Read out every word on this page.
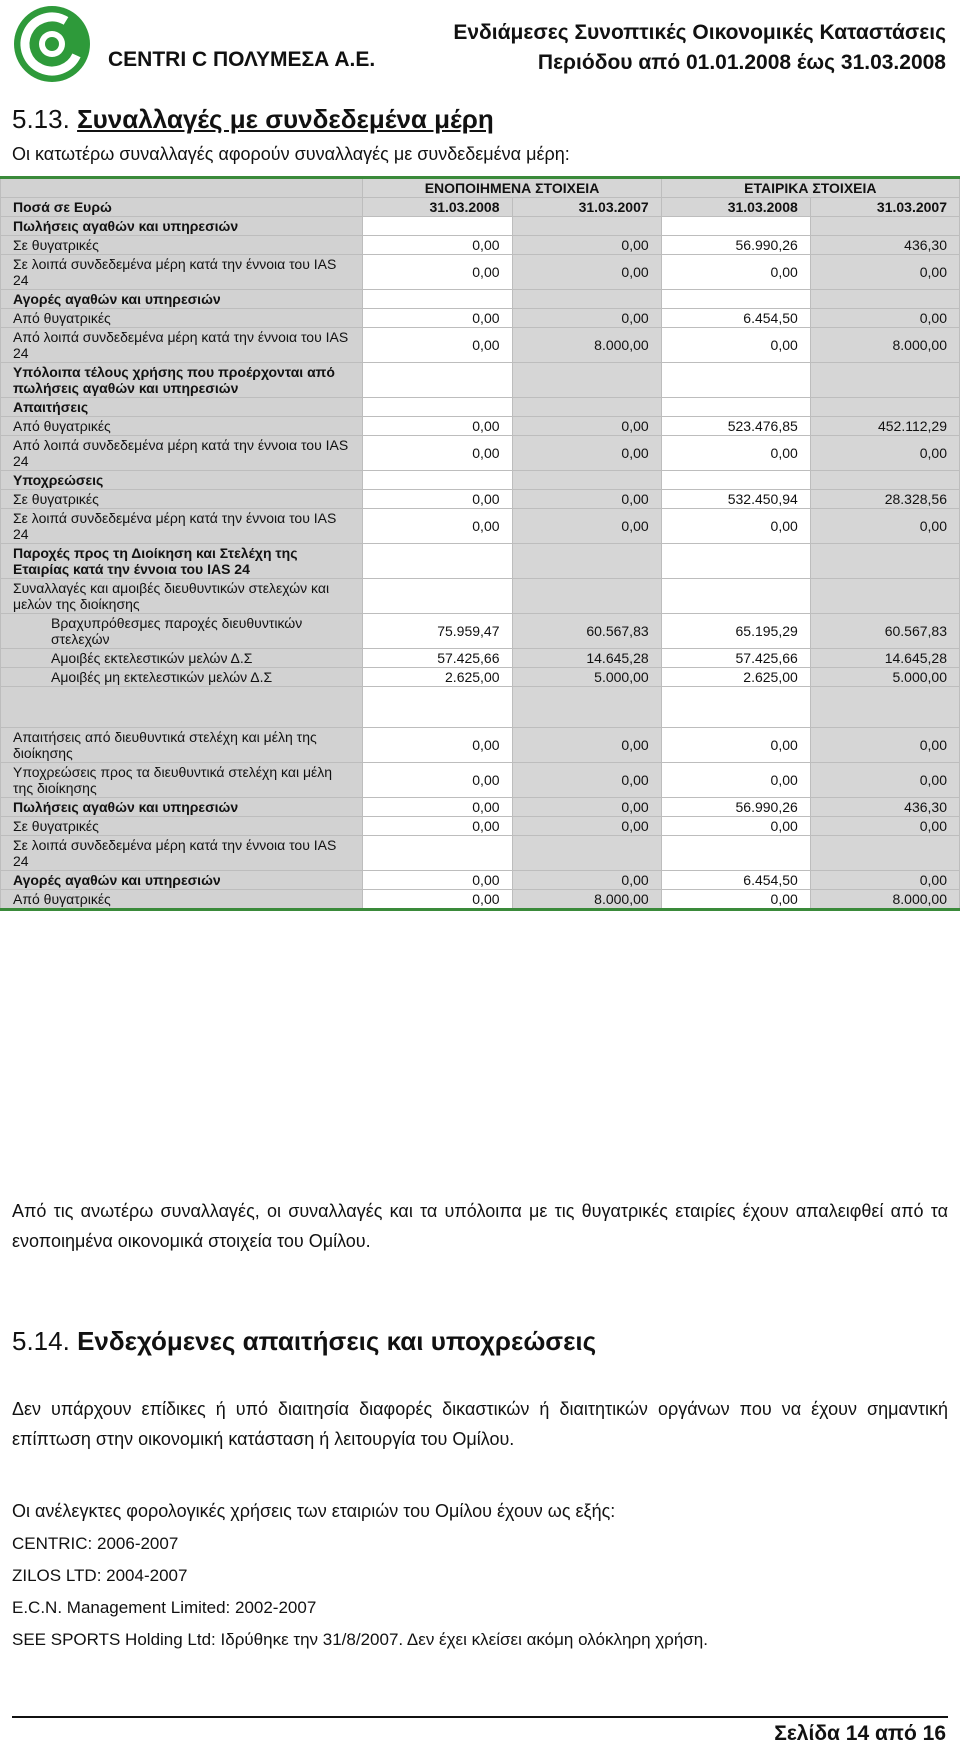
CENTRI C ΠΟΛΥΜΕΣΑ Α.Ε.
Ενδιάμεσες Συνοπτικές Οικονομικές Καταστάσεις
Περιόδου από 01.01.2008 έως 31.03.2008
5.13. Συναλλαγές με συνδεδεμένα μέρη
Οι κατωτέρω συναλλαγές αφορούν συναλλαγές με συνδεδεμένα μέρη:
	ΕΝΟΠΟΙΗΜΕΝΑ ΣΤΟΙΧΕΙΑ		ΕΤΑΙΡΙΚΑ ΣΤΟΙΧΕΙΑ	
Ποσά σε Ευρώ	31.03.2008	31.03.2007	31.03.2008	31.03.2007
Πωλήσεις αγαθών και υπηρεσιών				
Σε θυγατρικές	0,00	0,00	56.990,26	436,30
Σε λοιπά συνδεδεμένα μέρη κατά την έννοια του IAS 24	0,00	0,00	0,00	0,00
Αγορές αγαθών και υπηρεσιών				
Από θυγατρικές	0,00	0,00	6.454,50	0,00
Από λοιπά συνδεδεμένα μέρη κατά την έννοια του IAS 24	0,00	8.000,00	0,00	8.000,00
Υπόλοιπα τέλους χρήσης που προέρχονται από πωλήσεις αγαθών και υπηρεσιών				
Απαιτήσεις				
Από θυγατρικές	0,00	0,00	523.476,85	452.112,29
Από λοιπά συνδεδεμένα μέρη κατά την έννοια του IAS 24	0,00	0,00	0,00	0,00
Υποχρεώσεις				
Σε θυγατρικές	0,00	0,00	532.450,94	28.328,56
Σε λοιπά συνδεδεμένα μέρη κατά την έννοια του IAS 24	0,00	0,00	0,00	0,00
Παροχές προς τη Διοίκηση και Στελέχη της Εταιρίας κατά την έννοια του IAS 24				
Συναλλαγές και αμοιβές διευθυντικών στελεχών και μελών της διοίκησης				
Βραχυπρόθεσμες παροχές διευθυντικών στελεχών	75.959,47	60.567,83	65.195,29	60.567,83
Αμοιβές εκτελεστικών μελών Δ.Σ	57.425,66	14.645,28	57.425,66	14.645,28
Αμοιβές μη εκτελεστικών μελών Δ.Σ	2.625,00	5.000,00	2.625,00	5.000,00

Απαιτήσεις από διευθυντικά στελέχη και μέλη της διοίκησης	0,00	0,00	0,00	0,00
Υποχρεώσεις προς τα διευθυντικά στελέχη και μέλη της διοίκησης	0,00	0,00	0,00	0,00
Πωλήσεις αγαθών και υπηρεσιών	0,00	0,00	56.990,26	436,30
Σε θυγατρικές	0,00	0,00	0,00	0,00
Σε λοιπά συνδεδεμένα μέρη κατά την έννοια του IAS 24				
Αγορές αγαθών και υπηρεσιών	0,00	0,00	6.454,50	0,00
Από θυγατρικές	0,00	8.000,00	0,00	8.000,00
Από τις ανωτέρω συναλλαγές, οι συναλλαγές και τα υπόλοιπα με τις θυγατρικές εταιρίες έχουν απαλειφθεί από τα ενοποιημένα οικονομικά στοιχεία του Ομίλου.
5.14. Ενδεχόμενες απαιτήσεις και υποχρεώσεις
Δεν υπάρχουν επίδικες ή υπό διαιτησία διαφορές δικαστικών ή διαιτητικών οργάνων που να έχουν σημαντική επίπτωση στην οικονομική κατάσταση ή λειτουργία του Ομίλου.
Οι ανέλεγκτες φορολογικές χρήσεις των εταιριών του Ομίλου έχουν ως εξής:
CENTRIC: 2006-2007
ZILOS LTD: 2004-2007
E.C.N. Management Limited: 2002-2007
SEE SPORTS Holding Ltd: Ιδρύθηκε την 31/8/2007. Δεν έχει κλείσει ακόμη ολόκληρη χρήση.
Σελίδα 14 από 16
